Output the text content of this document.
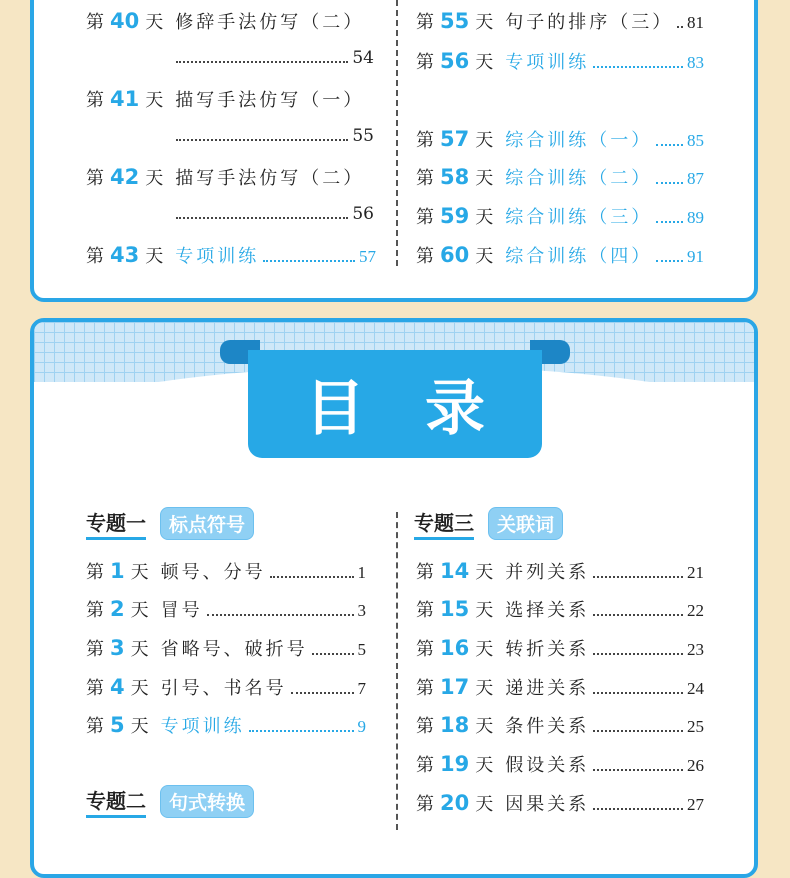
第 40 天 修辞手法仿写（二）
54
第 41 天 描写手法仿写（一）
55
第 42 天 描写手法仿写（二）
56
第 43 天 专项训练	57
第 55 天 句子的排序（三） 81
第 56 天 专项训练	83
第 57 天 综合训练（一） 85
第 58 天 综合训练（二） 87
第 59 天 综合训练（三） 89
第 60 天 综合训练（四） 91
目录
专题一	标点符号
专题二	句式转换
专题三	关联词
第 1 天 顿号、分号	1
第 2 天 冒号	3
第 3 天 省略号、破折号	5
第 4 天 引号、书名号	7
第 5 天 专项训练	9
第 14 天 并列关系	21
第 15 天 选择关系	22
第 16 天 转折关系	23
第 17 天 递进关系	24
第 18 天 条件关系	25
第 19 天 假设关系	26
第 20 天 因果关系	27
